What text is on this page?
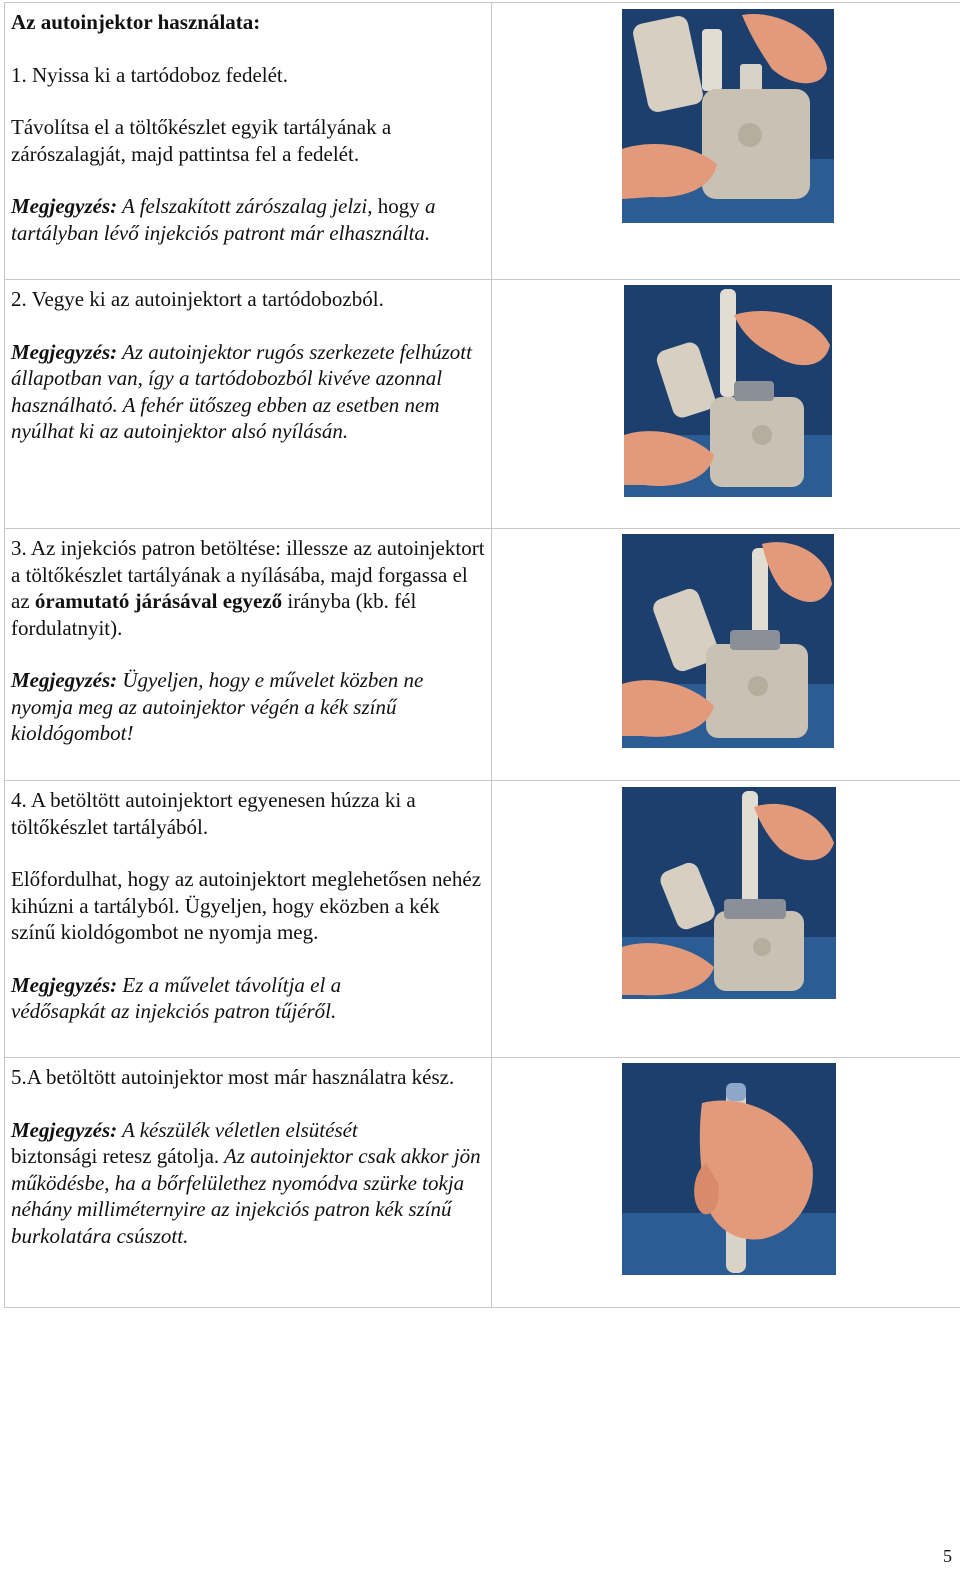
Az autoinjektor használata:

1. Nyissa ki a tartódoboz fedelét.

Távolítsa el a töltőkészlet egyik tartályának a zárószalagját, majd pattintsa fel a fedelét.

Megjegyzés: A felszakított zárószalag jelzi, hogy a tartályban lévő injekciós patront már elhasználta.

2. Vegye ki az autoinjektort a tartódobozból.

Megjegyzés: Az autoinjektor rugós szerkezete felhúzott állapotban van, így a tartódobozból kivéve azonnal használható. A fehér ütőszeg ebben az esetben nem nyúlhat ki az autoinjektor alsó nyílásán.

3. Az injekciós patron betöltése: illessze az autoinjektort a töltőkészlet tartályának a nyílásába, majd forgassa el az óramutató járásával egyező irányba (kb. fél fordulatnyit).

Megjegyzés: Ügyeljen, hogy e művelet közben ne nyomja meg az autoinjektor végén a kék színű kioldógombot!

4. A betöltött autoinjektort egyenesen húzza ki a töltőkészlet tartályából.

Előfordulhat, hogy az autoinjektort meglehetősen nehéz kihúzni a tartályból. Ügyeljen, hogy eközben a kék színű kioldógombot ne nyomja meg.

Megjegyzés: Ez a művelet távolítja el a
védősapkát az injekciós patron tűjéről.

5.A betöltött autoinjektor most már használatra kész.

Megjegyzés: A készülék véletlen elsütését
biztonsági retesz gátolja. Az autoinjektor csak akkor jön működésbe, ha a bőrfelülethez nyomódva szürke tokja néhány milliméternyire az injekciós patron kék színű burkolatára csúszott.

5
